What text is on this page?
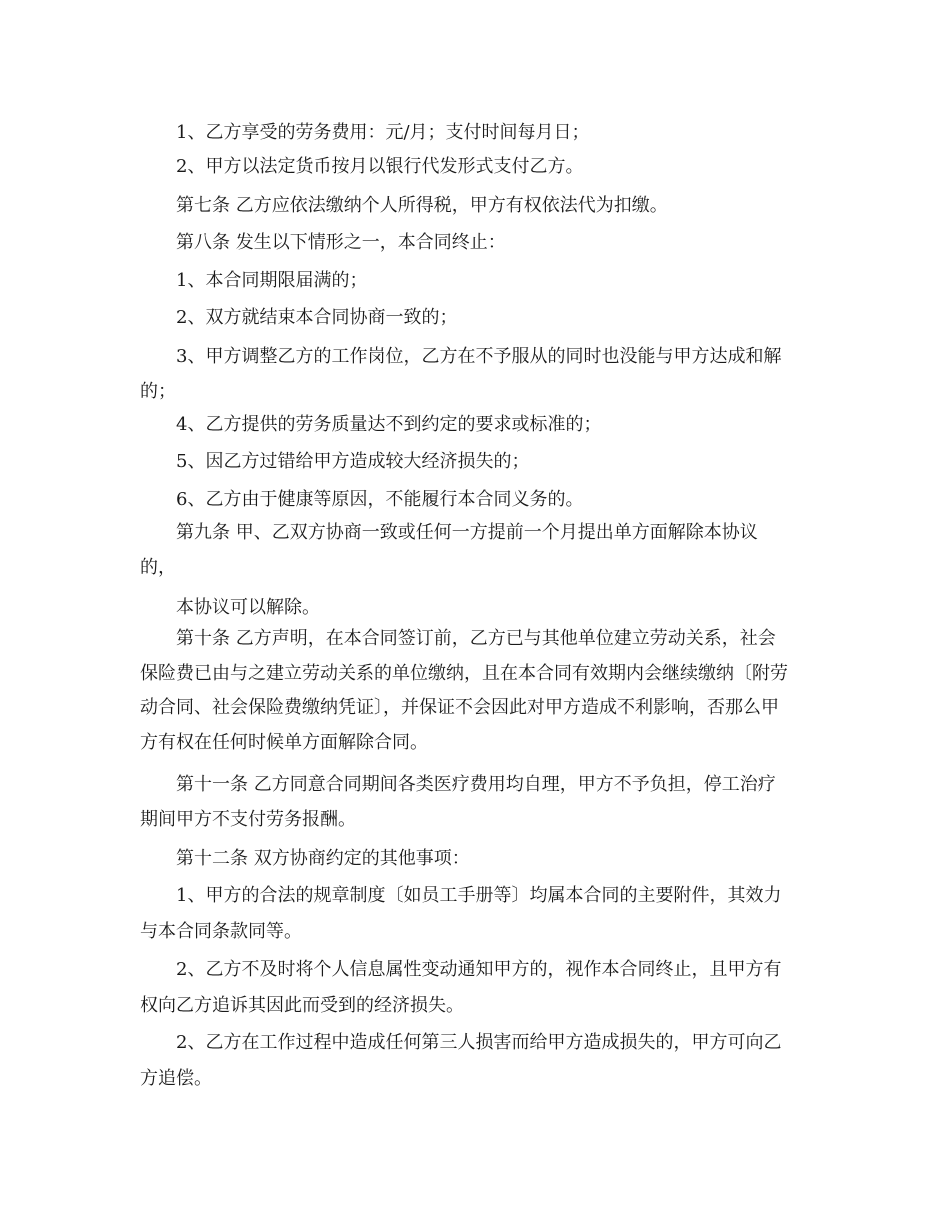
1、乙方享受的劳务费用：元/月；支付时间每月日；

2、甲方以法定货币按月以银行代发形式支付乙方。

第七条 乙方应依法缴纳个人所得税，甲方有权依法代为扣缴。

第八条 发生以下情形之一，本合同终止：

1、本合同期限届满的；

2、双方就结束本合同协商一致的；

3、甲方调整乙方的工作岗位，乙方在不予服从的同时也没能与甲方达成和解
的；

4、乙方提供的劳务质量达不到约定的要求或标准的；

5、因乙方过错给甲方造成较大经济损失的；

6、乙方由于健康等原因，不能履行本合同义务的。

第九条 甲、乙双方协商一致或任何一方提前一个月提出单方面解除本协议
的，

本协议可以解除。

第十条 乙方声明，在本合同签订前，乙方已与其他单位建立劳动关系，社会
保险费已由与之建立劳动关系的单位缴纳，且在本合同有效期内会继续缴纳〔附劳
动合同、社会保险费缴纳凭证〕，并保证不会因此对甲方造成不利影响，否那么甲
方有权在任何时候单方面解除合同。

第十一条 乙方同意合同期间各类医疗费用均自理，甲方不予负担，停工治疗
期间甲方不支付劳务报酬。

第十二条 双方协商约定的其他事项：

1、甲方的合法的规章制度〔如员工手册等〕均属本合同的主要附件，其效力
与本合同条款同等。

2、乙方不及时将个人信息属性变动通知甲方的，视作本合同终止，且甲方有
权向乙方追诉其因此而受到的经济损失。

2、乙方在工作过程中造成任何第三人损害而给甲方造成损失的，甲方可向乙
方追偿。
